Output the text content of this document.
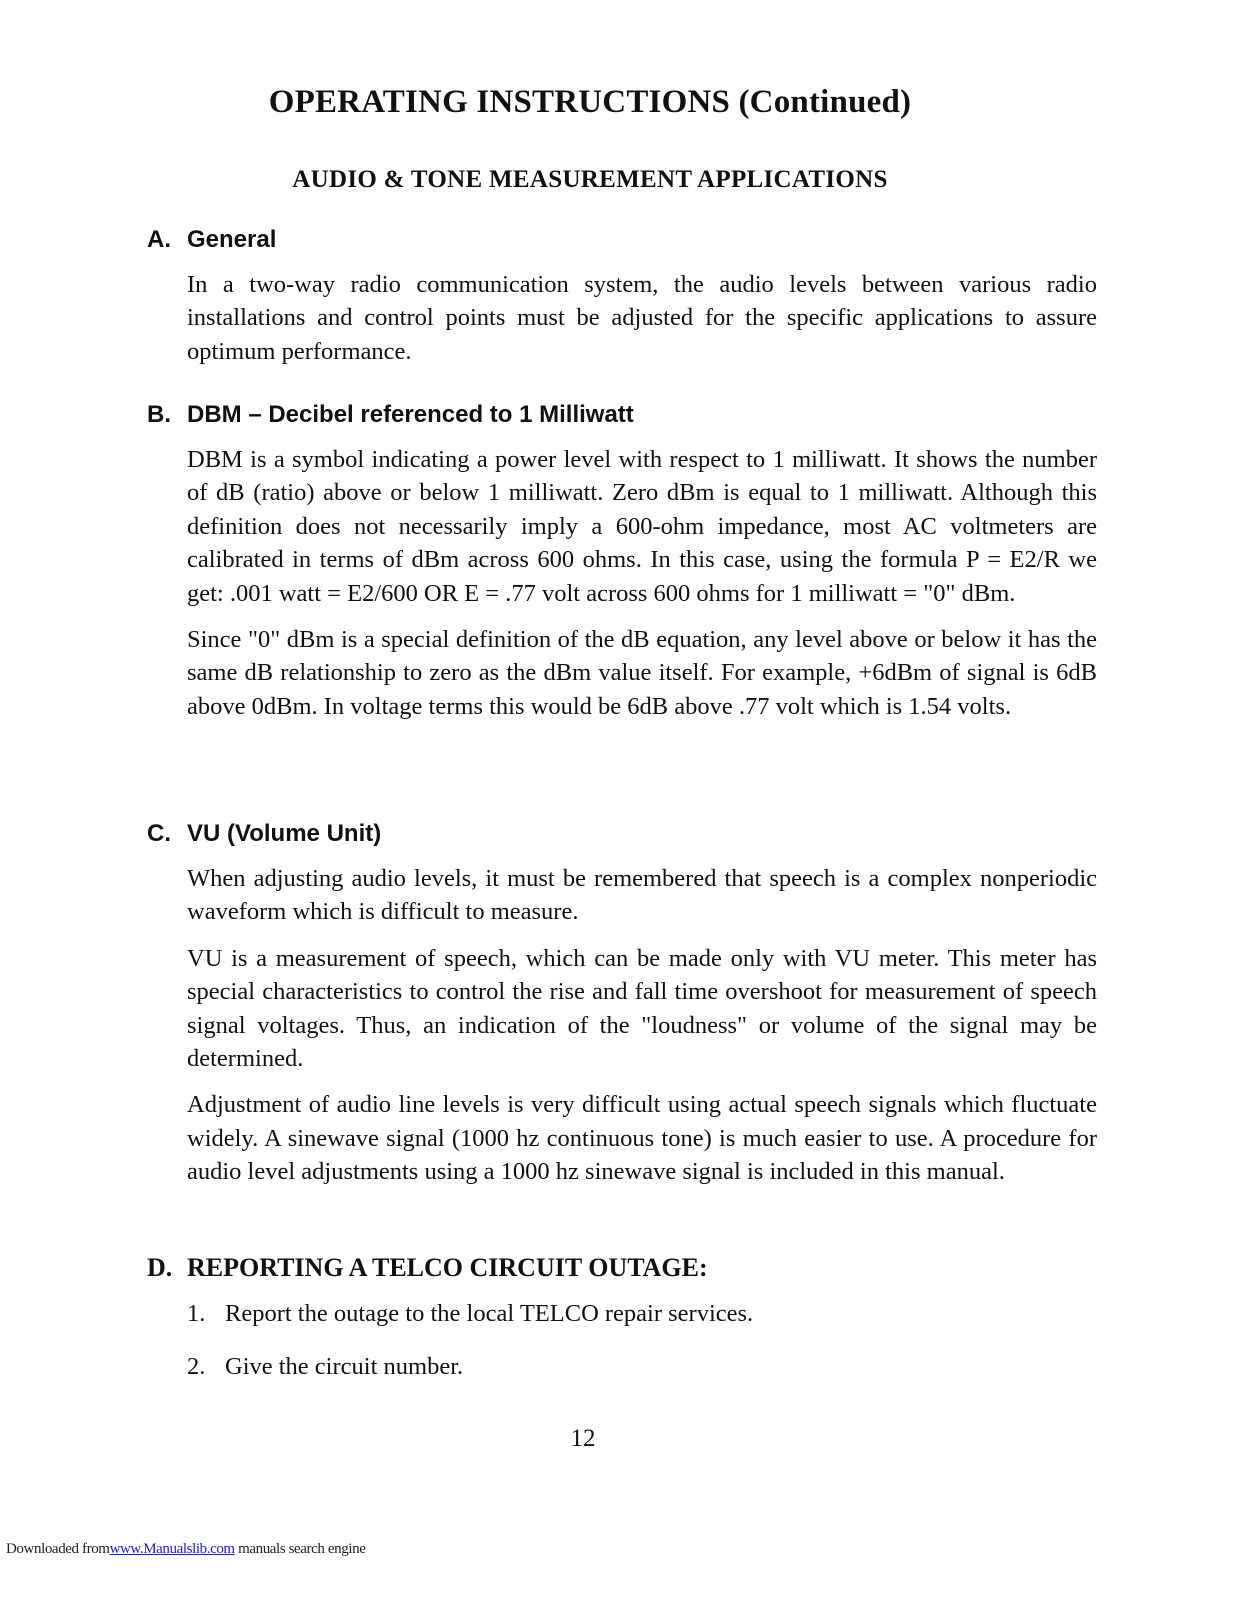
OPERATING INSTRUCTIONS (Continued)
AUDIO & TONE MEASUREMENT APPLICATIONS
A. General

In a two-way radio communication system, the audio levels between various radio installations and control points must be adjusted for the specific applications to assure optimum performance.

B. DBM – Decibel referenced to 1 Milliwatt

DBM is a symbol indicating a power level with respect to 1 milliwatt. It shows the number of dB (ratio) above or below 1 milliwatt. Zero dBm is equal to 1 milliwatt. Although this definition does not necessarily imply a 600-ohm impedance, most AC voltmeters are calibrated in terms of dBm across 600 ohms. In this case, using the formula P = E2/R we get: .001 watt = E2/600 OR E = .77 volt across 600 ohms for 1 milliwatt = "0" dBm.

Since "0" dBm is a special definition of the dB equation, any level above or below it has the same dB relationship to zero as the dBm value itself. For example, +6dBm of signal is 6dB above 0dBm. In voltage terms this would be 6dB above .77 volt which is 1.54 volts.

C. VU (Volume Unit)

When adjusting audio levels, it must be remembered that speech is a complex nonperiodic waveform which is difficult to measure.

VU is a measurement of speech, which can be made only with VU meter. This meter has special characteristics to control the rise and fall time overshoot for measurement of speech signal voltages. Thus, an indication of the "loudness" or volume of the signal may be determined.

Adjustment of audio line levels is very difficult using actual speech signals which fluctuate widely. A sinewave signal (1000 hz continuous tone) is much easier to use. A procedure for audio level adjustments using a 1000 hz sinewave signal is included in this manual.

D. REPORTING A TELCO CIRCUIT OUTAGE:
1. Report the outage to the local TELCO repair services.
2. Give the circuit number.
12
Downloaded fromwww.Manualslib.com manuals search engine
